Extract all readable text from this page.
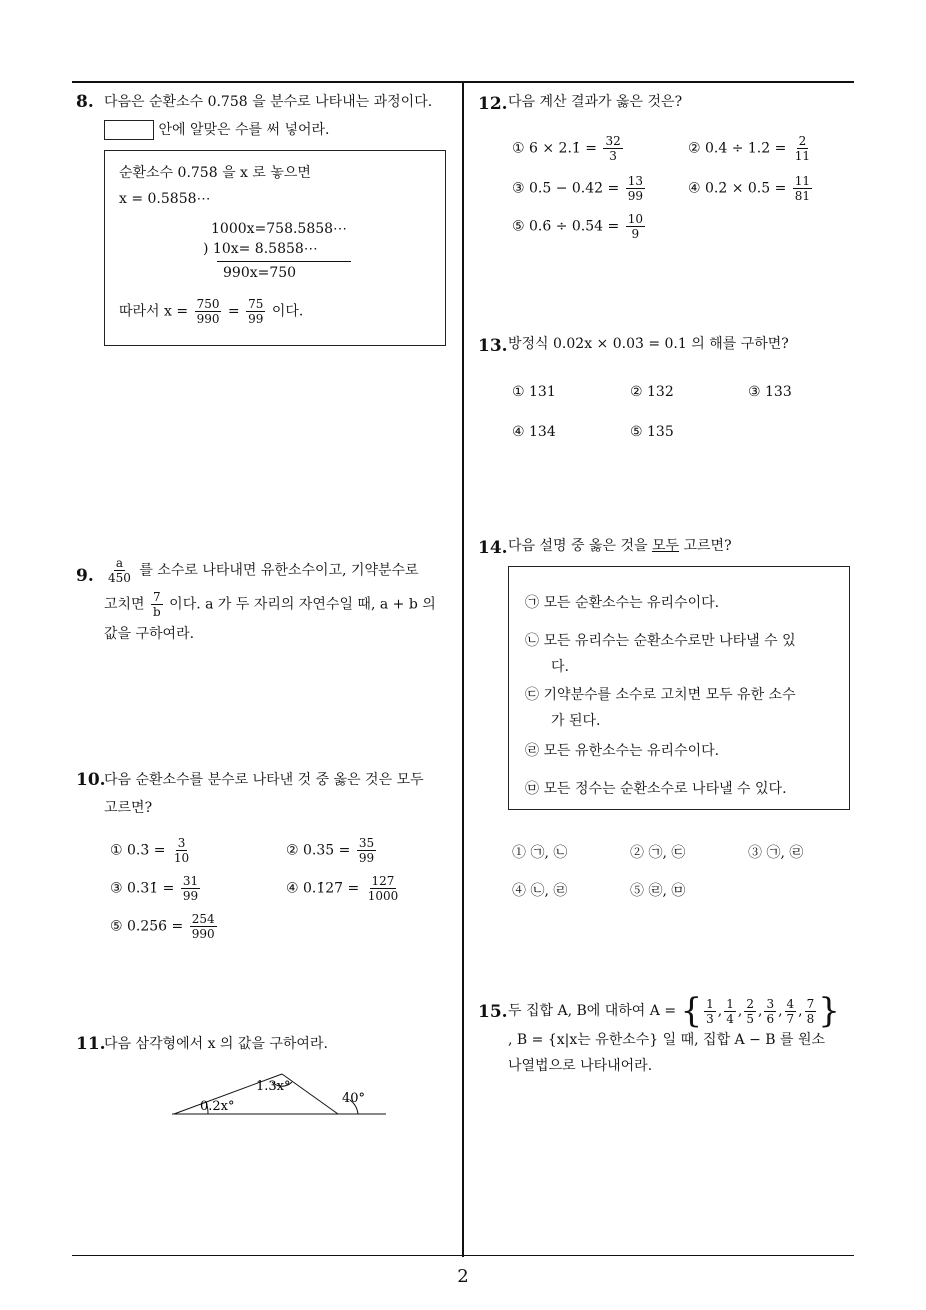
2
8. 다음은 순환소수 0.75̇8̇ 을 분수로 나타내는 과정이다.
안에 알맞은 수를 써 넣어라.
순환소수 0.75̇8̇ 을 x 로 놓으면
x = 0.5858⋯
1000x=758.5858⋯
) 10x= 8.5858⋯
990x=750
따라서 $x = \frac{750}{990} = \frac{75}{99}$ 이다.
9. $\frac{a}{450}$ 를 소수로 나타내면 유한소수이고, 기약분수로
고치면 $\frac{7}{b}$ 이다. a 가 두 자리의 자연수일 때, a + b 의
값을 구하여라.
10.
다음 순환소수를 분수로 나타낸 것 중 옳은 것은 모두
고르면?
① 0.3̇ = $\frac{3}{10}$	② 0.35̇ = $\frac{35}{99}$
③ 0.31̇ = $\frac{31}{99}$	④ 0.1̇27̇ = $\frac{127}{1000}$
⑤ 0.25̇6̇ = $\frac{254}{990}$
11.
다음 삼각형에서 x 의 값을 구하여라.
1.3x°
0.2x°
40°
12. 다음 계산 결과가 옳은 것은?
① 6 × 2.1̇ = $\frac{32}{3}$	② 0.4̇ ÷ 1.2̇ = $\frac{2}{11}$
③ 0.5̇ − 0.42̇ = $\frac{13}{99}$	④ 0.2̇ × 0.5̇ = $\frac{11}{81}$
⑤ 0.6̇ ÷ 0.5̇4̇ = $\frac{10}{9}$
13. 방정식 0.02̇x × 0.03̇ = 0.1 의 해를 구하면?
① 131	② 132	③ 133
④ 134	⑤ 135
14. 다음 설명 중 옳은 것을 모두 고르면?
㉠ 모든 순환소수는 유리수이다.
㉡ 모든 유리수는 순환소수로만 나타낼 수 있
다.
㉢ 기약분수를 소수로 고치면 모두 유한 소수
가 된다.
㉣ 모든 유한소수는 유리수이다.
㉤ 모든 정수는 순환소수로 나타낼 수 있다.
① ㉠, ㉡	② ㉠, ㉢	③ ㉠, ㉣
④ ㉡, ㉣	⑤ ㉣, ㉤
15. 두 집합 A, B에 대하여 A = { $\frac{1}{3}$ , $\frac{1}{4}$ , $\frac{2}{5}$ , $\frac{3}{6}$ , $\frac{4}{7}$ , $\frac{7}{8}$ }
, B = {x|x는 유한소수} 일 때, 집합 A − B 를 원소
나열법으로 나타내어라.
